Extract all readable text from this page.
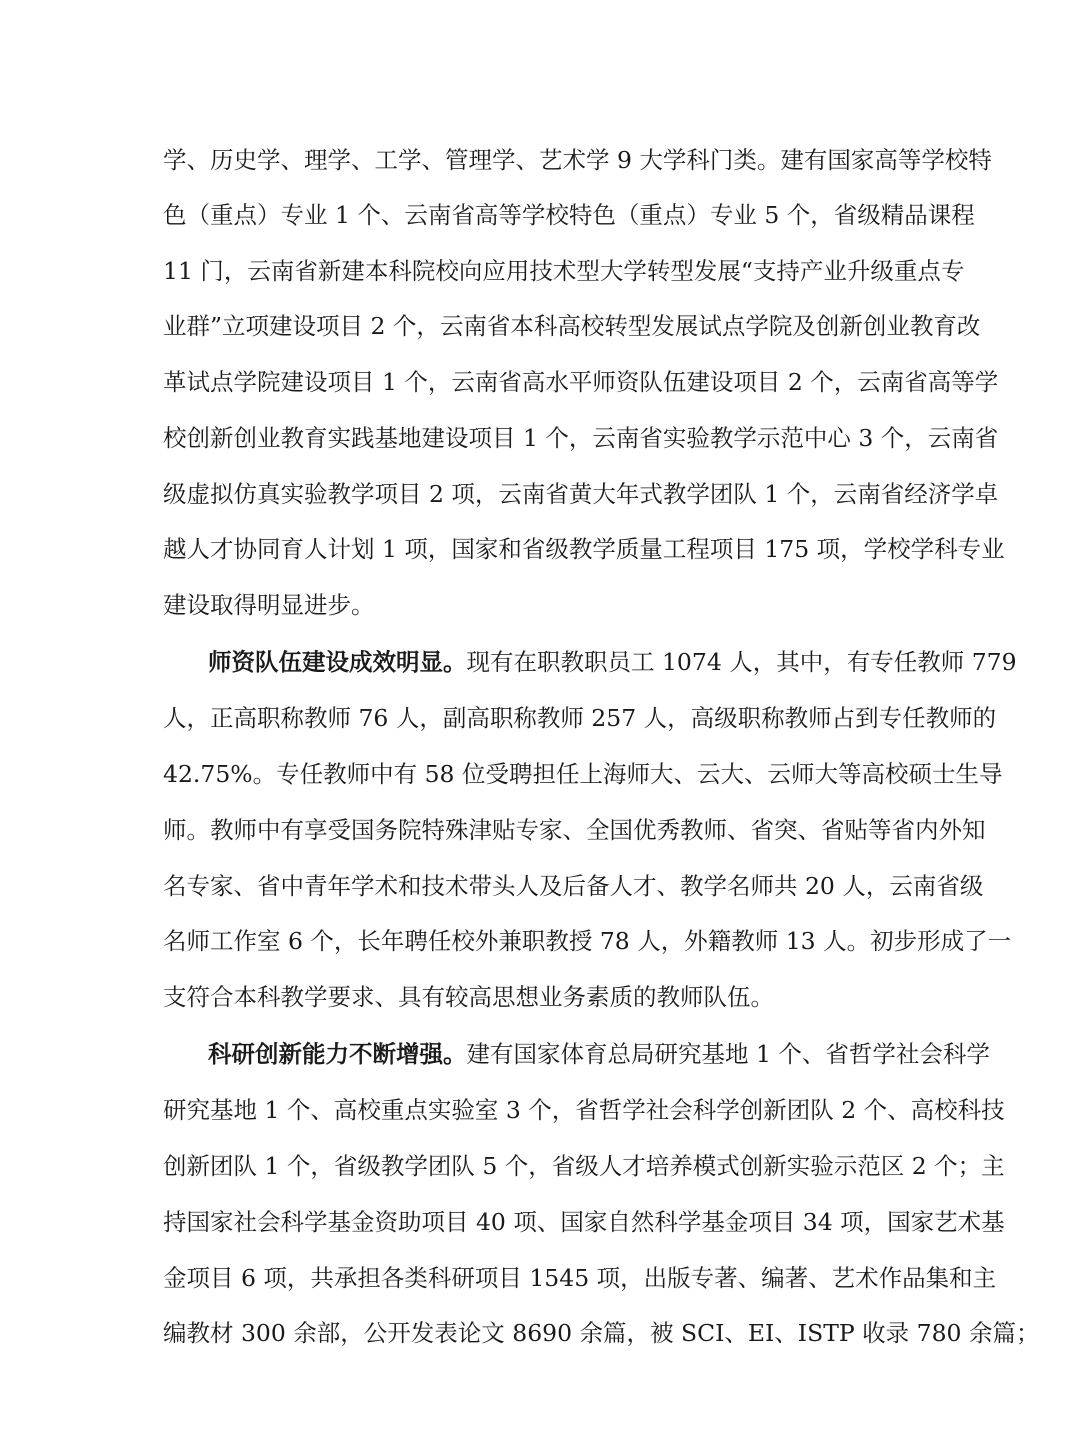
学、历史学、理学、工学、管理学、艺术学 9 大学科门类。建有国家高等学校特
色（重点）专业 1 个、云南省高等学校特色（重点）专业 5 个，省级精品课程
11 门，云南省新建本科院校向应用技术型大学转型发展“支持产业升级重点专
业群”立项建设项目 2 个，云南省本科高校转型发展试点学院及创新创业教育改
革试点学院建设项目 1 个，云南省高水平师资队伍建设项目 2 个，云南省高等学
校创新创业教育实践基地建设项目 1 个，云南省实验教学示范中心 3 个，云南省
级虚拟仿真实验教学项目 2 项，云南省黄大年式教学团队 1 个，云南省经济学卓
越人才协同育人计划 1 项，国家和省级教学质量工程项目 175 项，学校学科专业
建设取得明显进步。
师资队伍建设成效明显。现有在职教职员工 1074 人，其中，有专任教师 779
人，正高职称教师 76 人，副高职称教师 257 人，高级职称教师占到专任教师的
42.75%。专任教师中有 58 位受聘担任上海师大、云大、云师大等高校硕士生导
师。教师中有享受国务院特殊津贴专家、全国优秀教师、省突、省贴等省内外知
名专家、省中青年学术和技术带头人及后备人才、教学名师共 20 人，云南省级
名师工作室 6 个，长年聘任校外兼职教授 78 人，外籍教师 13 人。初步形成了一
支符合本科教学要求、具有较高思想业务素质的教师队伍。
科研创新能力不断增强。建有国家体育总局研究基地 1 个、省哲学社会科学
研究基地 1 个、高校重点实验室 3 个，省哲学社会科学创新团队 2 个、高校科技
创新团队 1 个，省级教学团队 5 个，省级人才培养模式创新实验示范区 2 个；主
持国家社会科学基金资助项目 40 项、国家自然科学基金项目 34 项，国家艺术基
金项目 6 项，共承担各类科研项目 1545 项，出版专著、编著、艺术作品集和主
编教材 300 余部，公开发表论文 8690 余篇，被 SCI、EI、ISTP 收录 780 余篇；
